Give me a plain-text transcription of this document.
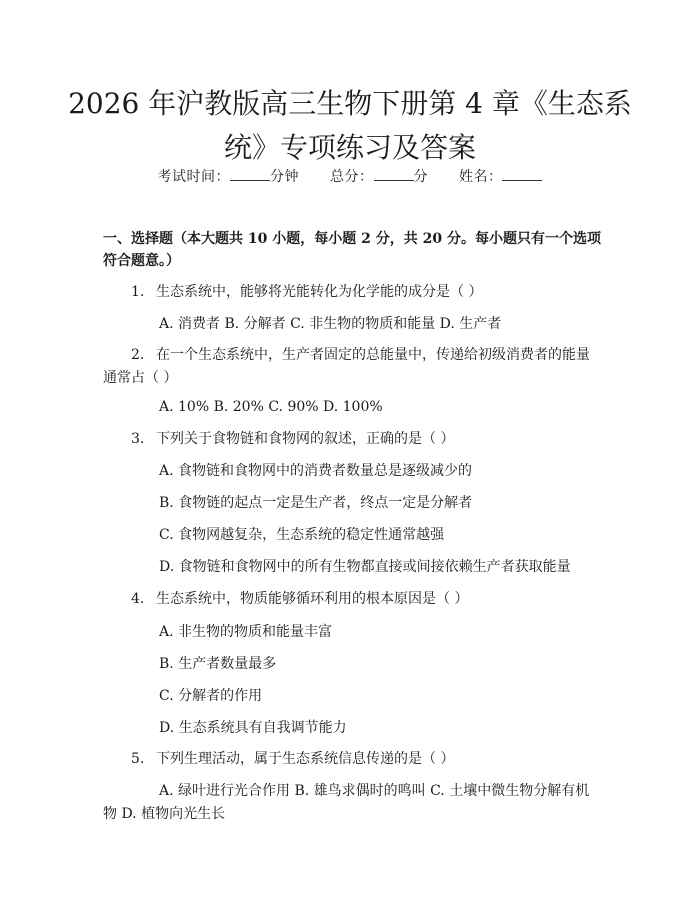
2026 年沪教版高三生物下册第 4 章《生态系
统》专项练习及答案
考试时间：	分钟 总分：	分 姓名：
一、选择题（本大题共 10 小题，每小题 2 分，共 20 分。每小题只有一个选项符合题意。）
1. 生态系统中，能够将光能转化为化学能的成分是（ ）
A. 消费者 B. 分解者 C. 非生物的物质和能量 D. 生产者
2. 在一个生态系统中，生产者固定的总能量中，传递给初级消费者的能量通常占（ ）
A. 10% B. 20% C. 90% D. 100%
3. 下列关于食物链和食物网的叙述，正确的是（ ）
A. 食物链和食物网中的消费者数量总是逐级减少的
B. 食物链的起点一定是生产者，终点一定是分解者
C. 食物网越复杂，生态系统的稳定性通常越强
D. 食物链和食物网中的所有生物都直接或间接依赖生产者获取能量
4. 生态系统中，物质能够循环利用的根本原因是（ ）
A. 非生物的物质和能量丰富
B. 生产者数量最多
C. 分解者的作用
D. 生态系统具有自我调节能力
5. 下列生理活动，属于生态系统信息传递的是（ ）
A. 绿叶进行光合作用 B. 雄鸟求偶时的鸣叫 C. 土壤中微生物分解有机物 D. 植物向光生长
